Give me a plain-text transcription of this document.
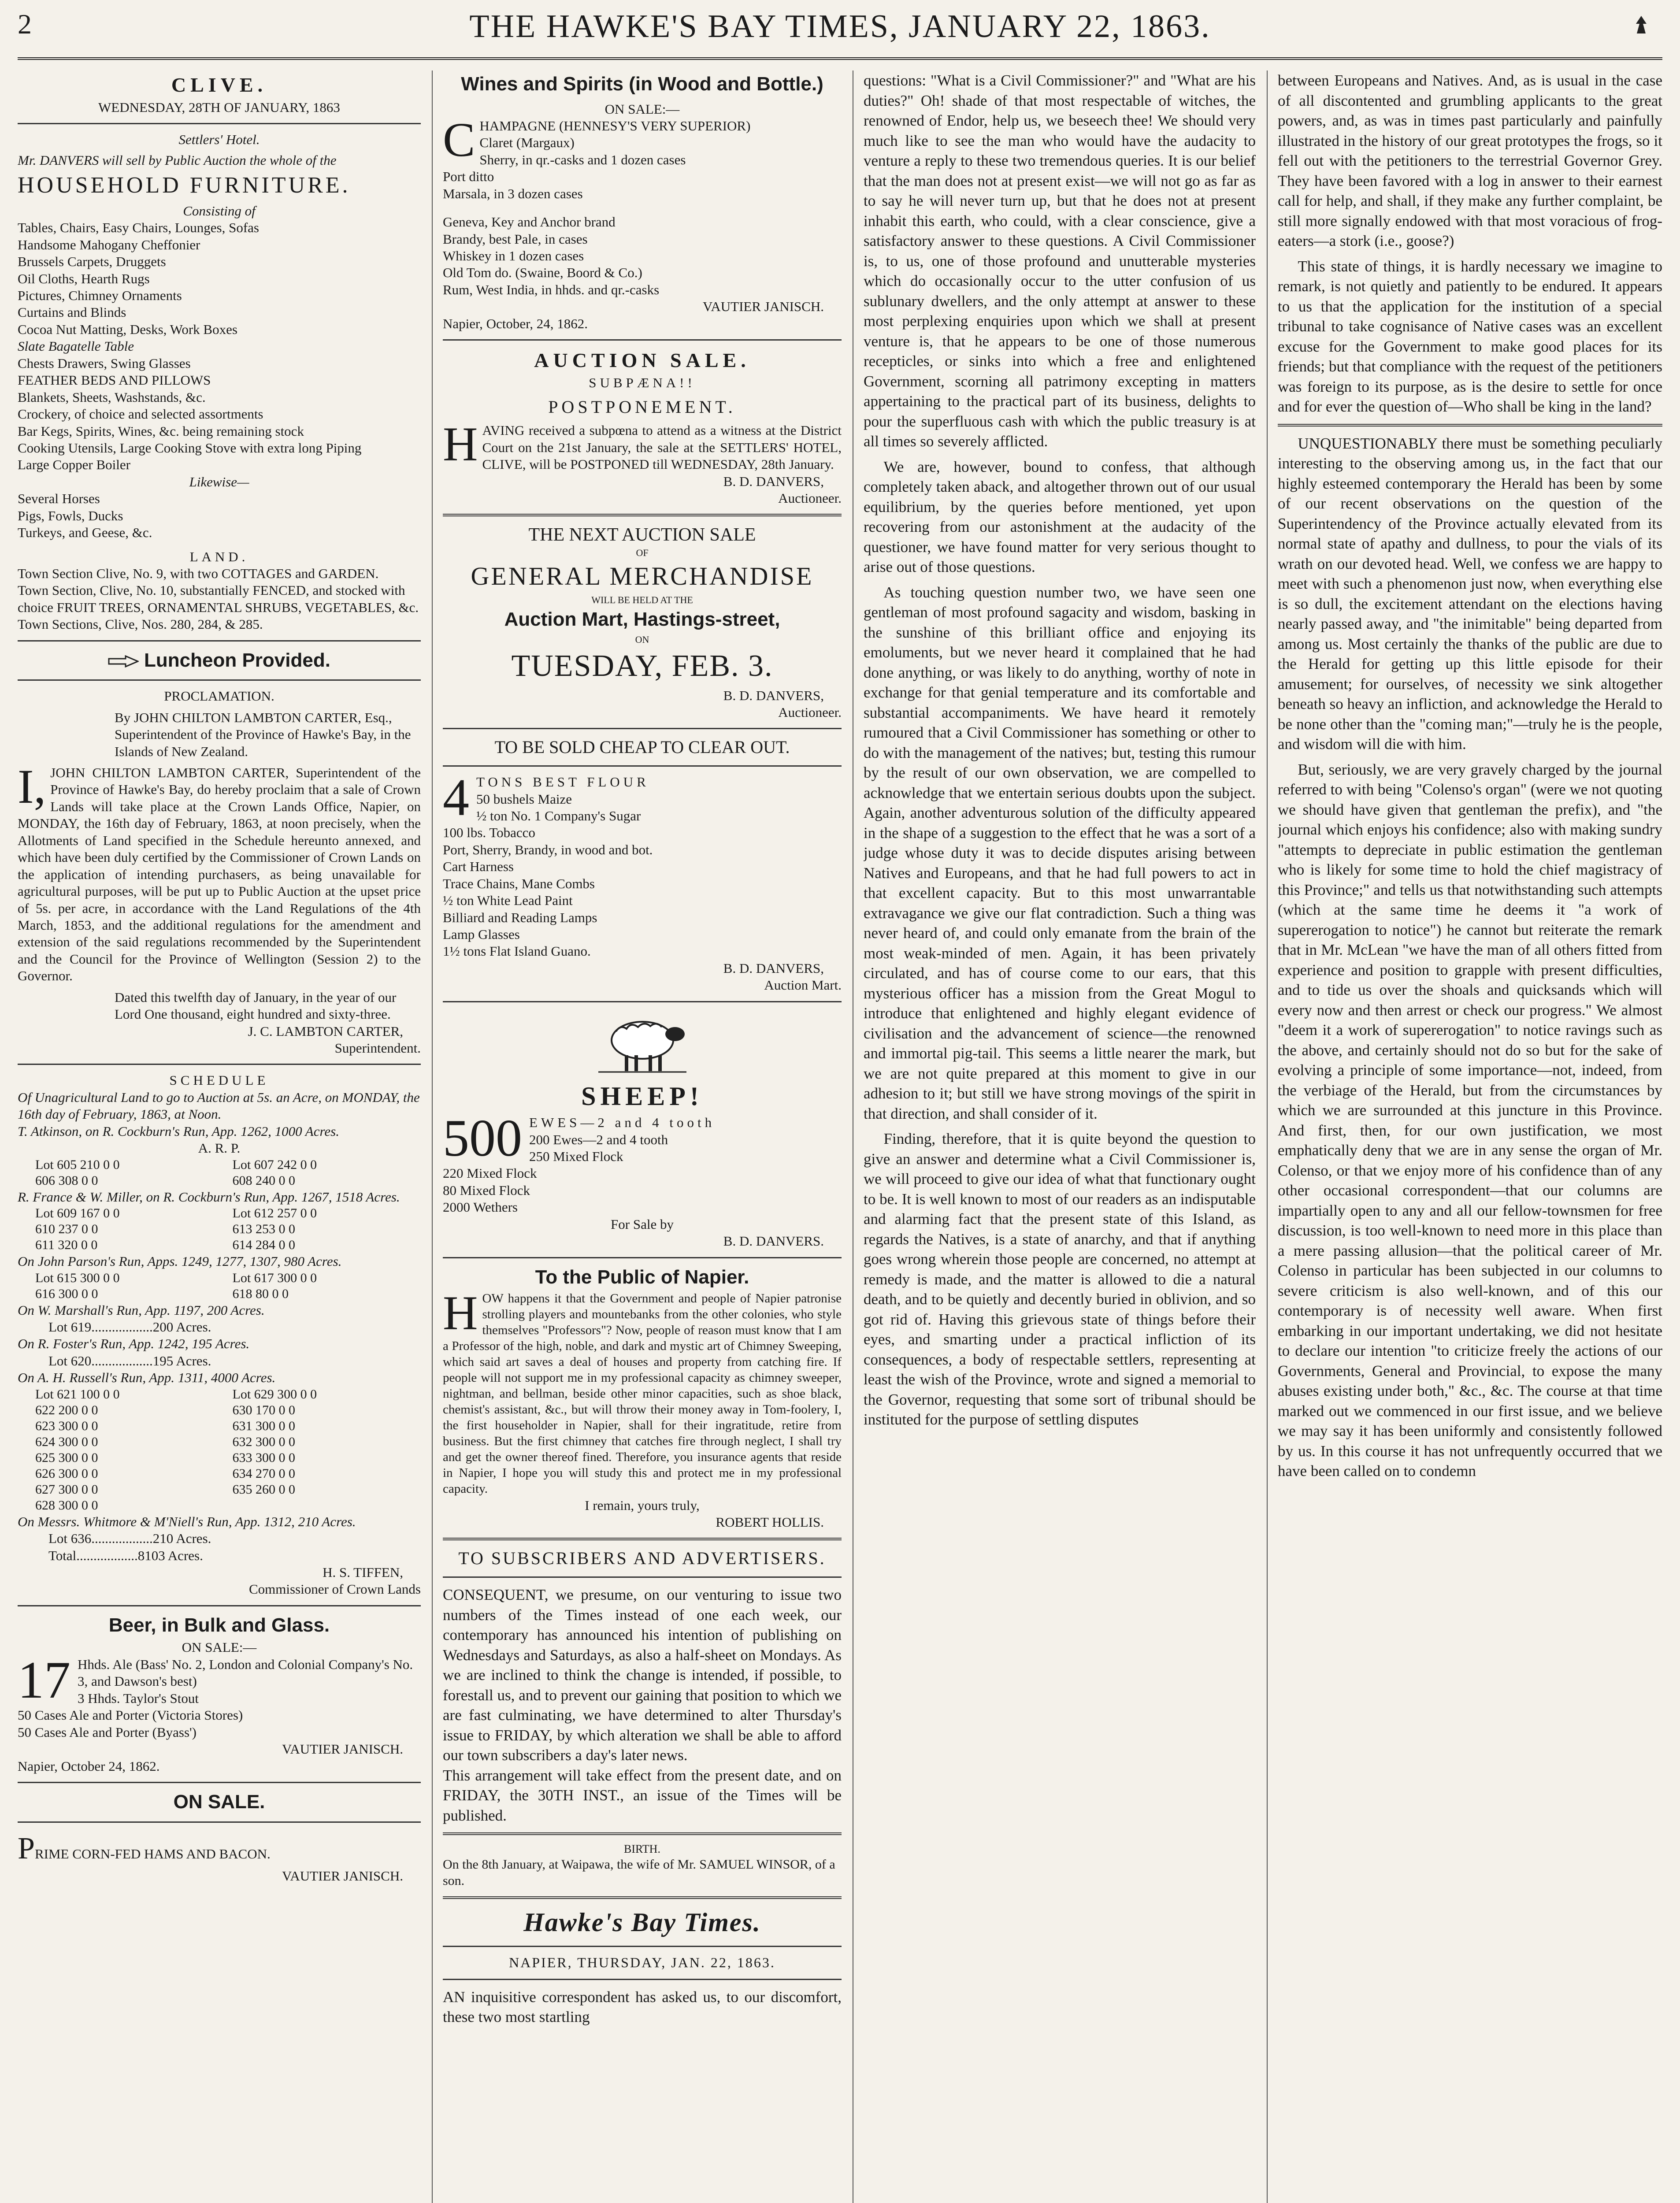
2	THE HAWKE'S BAY TIMES, JANUARY 22, 1863.
CLIVE.
WEDNESDAY, 28TH OF JANUARY, 1863
Settlers' Hotel.
Mr. DANVERS will sell by Public Auction the whole of the
HOUSEHOLD FURNITURE.
Consisting of
Tables, Chairs, Easy Chairs, Lounges, Sofas
Handsome Mahogany Cheffonier
Brussels Carpets, Druggets
Oil Cloths, Hearth Rugs
Pictures, Chimney Ornaments
Curtains and Blinds
Cocoa Nut Matting, Desks, Work Boxes
Slate Bagatelle Table
Chests Drawers, Swing Glasses
FEATHER BEDS AND PILLOWS
Blankets, Sheets, Washstands, &c.
Crockery, of choice and selected assortments
Bar Kegs, Spirits, Wines, &c. being remaining stock
Cooking Utensils, Large Cooking Stove with extra long Piping
Large Copper Boiler
Likewise—
Several Horses
Pigs, Fowls, Ducks
Turkeys, and Geese, &c.
LAND.
Town Section Clive, No. 9, with two COTTAGES and GARDEN.
Town Section, Clive, No. 10, substantially FENCED, and stocked with choice FRUIT TREES, ORNAMENTAL SHRUBS, VEGETABLES, &c.
Town Sections, Clive, Nos. 280, 284, & 285.
Luncheon Provided.
PROCLAMATION.
By JOHN CHILTON LAMBTON CARTER, Esq., Superintendent of the Province of Hawke's Bay, in the Islands of New Zealand.
I, JOHN CHILTON LAMBTON CARTER, Superintendent of the Province of Hawke's Bay, do hereby proclaim that a sale of Crown Lands will take place at the Crown Lands Office, Napier, on MONDAY, the 16th day of February, 1863, at noon precisely, when the Allotments of Land specified in the Schedule hereunto annexed, and which have been duly certified by the Commissioner of Crown Lands on the application of intending purchasers, as being unavailable for agricultural purposes, will be put up to Public Auction at the upset price of 5s. per acre, in accordance with the Land Regulations of the 4th March, 1853, and the additional regulations for the amendment and extension of the said regulations recommended by the Superintendent and the Council for the Province of Wellington (Session 2) to the Governor.
Dated this twelfth day of January, in the year of our Lord One thousand, eight hundred and sixty-three.
J. C. LAMBTON CARTER,
Superintendent.
SCHEDULE
Of Unagricultural Land to go to Auction at 5s. an Acre, on MONDAY, the 16th day of February, 1863, at Noon.
T. Atkinson, on R. Cockburn's Run, App. 1262, 1000 Acres.
A. R. P.
Lot 605 210 0 0	Lot 607 242 0 0
606 308 0 0	608 240 0 0
R. France & W. Miller, on R. Cockburn's Run, App. 1267, 1518 Acres.
Lot 609 167 0 0	Lot 612 257 0 0
610 237 0 0	613 253 0 0
611 320 0 0	614 284 0 0
On John Parson's Run, Apps. 1249, 1277, 1307, 980 Acres.
Lot 615 300 0 0	Lot 617 300 0 0
616 300 0 0	618 80 0 0
On W. Marshall's Run, App. 1197, 200 Acres.
Lot 619..................200 Acres.
On R. Foster's Run, App. 1242, 195 Acres.
Lot 620..................195 Acres.
On A. H. Russell's Run, App. 1311, 4000 Acres.
Lot 621 100 0 0	Lot 629 300 0 0
622 200 0 0	630 170 0 0
623 300 0 0	631 300 0 0
624 300 0 0	632 300 0 0
625 300 0 0	633 300 0 0
626 300 0 0	634 270 0 0
627 300 0 0	635 260 0 0
628 300 0 0
On Messrs. Whitmore & M'Niell's Run, App. 1312, 210 Acres.
Lot 636..................210 Acres.
Total..................8103 Acres.
H. S. TIFFEN,
Commissioner of Crown Lands
Beer, in Bulk and Glass.
ON SALE:—
17 Hhds. Ale (Bass' No. 2, London and Colonial Company's No. 3, and Dawson's best)
3 Hhds. Taylor's Stout
50 Cases Ale and Porter (Victoria Stores)
50 Cases Ale and Porter (Byass')
VAUTIER JANISCH.
Napier, October 24, 1862.
ON SALE.
PRIME CORN-FED HAMS AND BACON.
VAUTIER JANISCH.
Wines and Spirits (in Wood and Bottle.)
ON SALE:—
C HAMPAGNE (HENNESY'S VERY SUPERIOR)
Claret (Margaux)
Sherry, in qr.-casks and 1 dozen cases
Port ditto
Marsala, in 3 dozen cases
Geneva, Key and Anchor brand
Brandy, best Pale, in cases
Whiskey in 1 dozen cases
Old Tom do. (Swaine, Boord & Co.)
Rum, West India, in hhds. and qr.-casks
VAUTIER JANISCH.
Napier, October, 24, 1862.
AUCTION SALE.
SUBPÆNA!!
POSTPONEMENT.
HAVING received a subpœna to attend as a witness at the District Court on the 21st January, the sale at the SETTLERS' HOTEL, CLIVE, will be POSTPONED till WEDNESDAY, 28th January.
B. D. DANVERS,
Auctioneer.
THE NEXT AUCTION SALE
OF
GENERAL MERCHANDISE
WILL BE HELD AT THE
Auction Mart, Hastings-street,
ON
TUESDAY, FEB. 3.
B. D. DANVERS,
Auctioneer.
TO BE SOLD CHEAP TO CLEAR OUT.
4 TONS BEST FLOUR
50 bushels Maize
½ ton No. 1 Company's Sugar
100 lbs. Tobacco
Port, Sherry, Brandy, in wood and bot.
Cart Harness
Trace Chains, Mane Combs
½ ton White Lead Paint
Billiard and Reading Lamps
Lamp Glasses
1½ tons Flat Island Guano.
B. D. DANVERS,
Auction Mart.
SHEEP!
500 EWES—2 and 4 tooth
200 Ewes—2 and 4 tooth
250 Mixed Flock
220 Mixed Flock
80 Mixed Flock
2000 Wethers
For Sale by
B. D. DANVERS.
To the Public of Napier.
HOW happens it that the Government and people of Napier patronise strolling players and mountebanks from the other colonies, who style themselves "Professors"? Now, people of reason must know that I am a Professor of the high, noble, and dark and mystic art of Chimney Sweeping, which said art saves a deal of houses and property from catching fire. If people will not support me in my professional capacity as chimney sweeper, nightman, and bellman, beside other minor capacities, such as shoe black, chemist's assistant, &c., but will throw their money away in Tom-foolery, I, the first householder in Napier, shall for their ingratitude, retire from business. But the first chimney that catches fire through neglect, I shall try and get the owner thereof fined. Therefore, you insurance agents that reside in Napier, I hope you will study this and protect me in my professional capacity.
I remain, yours truly,
ROBERT HOLLIS.
TO SUBSCRIBERS AND ADVERTISERS.

CONSEQUENT, we presume, on our venturing to issue two numbers of the Times instead of one each week, our contemporary has announced his intention of publishing on Wednesdays and Saturdays, as also a half-sheet on Mondays. As we are inclined to think the change is intended, if possible, to forestall us, and to prevent our gaining that position to which we are fast culminating, we have determined to alter Thursday's issue to FRIDAY, by which alteration we shall be able to afford our town subscribers a day's later news.

This arrangement will take effect from the present date, and on FRIDAY, the 30TH INST., an issue of the Times will be published.

BIRTH.
On the 8th January, at Waipawa, the wife of Mr. SAMUEL WINSOR, of a son.
Hawke's Bay Times.
NAPIER, THURSDAY, JAN. 22, 1863.
AN inquisitive correspondent has asked us, to our discomfort, these two most startling

questions: "What is a Civil Commissioner?" and "What are his duties?" Oh! shade of that most respectable of witches, the renowned of Endor, help us, we beseech thee! We should very much like to see the man who would have the audacity to venture a reply to these two tremendous queries. It is our belief that the man does not at present exist—we will not go as far as to say he will never turn up, but that he does not at present inhabit this earth, who could, with a clear conscience, give a satisfactory answer to these questions. A Civil Commissioner is, to us, one of those profound and unutterable mysteries which do occasionally occur to the utter confusion of us sublunary dwellers, and the only attempt at answer to these most perplexing enquiries upon which we shall at present venture is, that he appears to be one of those numerous recepticles, or sinks into which a free and enlightened Government, scorning all patrimony excepting in matters appertaining to the practical part of its business, delights to pour the superfluous cash with which the public treasury is at all times so severely afflicted.

We are, however, bound to confess, that although completely taken aback, and altogether thrown out of our usual equilibrium, by the queries before mentioned, yet upon recovering from our astonishment at the audacity of the questioner, we have found matter for very serious thought to arise out of those questions.

As touching question number two, we have seen one gentleman of most profound sagacity and wisdom, basking in the sunshine of this brilliant office and enjoying its emoluments, but we never heard it complained that he had done anything, or was likely to do anything, worthy of note in exchange for that genial temperature and its comfortable and substantial accompaniments. We have heard it remotely rumoured that a Civil Commissioner has something or other to do with the management of the natives; but, testing this rumour by the result of our own observation, we are compelled to acknowledge that we entertain serious doubts upon the subject. Again, another adventurous solution of the difficulty appeared in the shape of a suggestion to the effect that he was a sort of a judge whose duty it was to decide disputes arising between Natives and Europeans, and that he had full powers to act in that excellent capacity. But to this most unwarrantable extravagance we give our flat contradiction. Such a thing was never heard of, and could only emanate from the brain of the most weak-minded of men. Again, it has been privately circulated, and has of course come to our ears, that this mysterious officer has a mission from the Great Mogul to introduce that enlightened and highly elegant evidence of civilisation and the advancement of science—the renowned and immortal pig-tail. This seems a little nearer the mark, but we are not quite prepared at this moment to give in our adhesion to it; but still we have strong movings of the spirit in that direction, and shall consider of it.

Finding, therefore, that it is quite beyond the question to give an answer and determine what a Civil Commissioner is, we will proceed to give our idea of what that functionary ought to be. It is well known to most of our readers as an indisputable and alarming fact that the present state of this Island, as regards the Natives, is a state of anarchy, and that if anything goes wrong wherein those people are concerned, no attempt at remedy is made, and the matter is allowed to die a natural death, and to be quietly and decently buried in oblivion, and so got rid of. Having this grievous state of things before their eyes, and smarting under a practical infliction of its consequences, a body of respectable settlers, representing at least the wish of the Province, wrote and signed a memorial to the Governor, requesting that some sort of tribunal should be instituted for the purpose of settling disputes

between Europeans and Natives. And, as is usual in the case of all discontented and grumbling applicants to the great powers, and, as was in times past particularly and painfully illustrated in the history of our great prototypes the frogs, so it fell out with the petitioners to the terrestrial Governor Grey. They have been favored with a log in answer to their earnest call for help, and shall, if they make any further complaint, be still more signally endowed with that most voracious of frog-eaters—a stork (i.e., goose?)

This state of things, it is hardly necessary we imagine to remark, is not quietly and patiently to be endured. It appears to us that the application for the institution of a special tribunal to take cognisance of Native cases was an excellent excuse for the Government to make good places for its friends; but that compliance with the request of the petitioners was foreign to its purpose, as is the desire to settle for once and for ever the question of—Who shall be king in the land?

UNQUESTIONABLY there must be something peculiarly interesting to the observing among us, in the fact that our highly esteemed contemporary the Herald has been by some of our recent observations on the question of the Superintendency of the Province actually elevated from its normal state of apathy and dullness, to pour the vials of its wrath on our devoted head. Well, we confess we are happy to meet with such a phenomenon just now, when everything else is so dull, the excitement attendant on the elections having nearly passed away, and "the inimitable" being departed from among us. Most certainly the thanks of the public are due to the Herald for getting up this little episode for their amusement; for ourselves, of necessity we sink altogether beneath so heavy an infliction, and acknowledge the Herald to be none other than the "coming man;"—truly he is the people, and wisdom will die with him.

But, seriously, we are very gravely charged by the journal referred to with being "Colenso's organ" (were we not quoting we should have given that gentleman the prefix), and "the journal which enjoys his confidence; also with making sundry "attempts to depreciate in public estimation the gentleman who is likely for some time to hold the chief magistracy of this Province;" and tells us that notwithstanding such attempts (which at the same time he deems it "a work of supererogation to notice") he cannot but reiterate the remark that in Mr. McLean "we have the man of all others fitted from experience and position to grapple with present difficulties, and to tide us over the shoals and quicksands which will every now and then arrest or check our progress." We almost "deem it a work of supererogation" to notice ravings such as the above, and certainly should not do so but for the sake of evolving a principle of some importance—not, indeed, from the verbiage of the Herald, but from the circumstances by which we are surrounded at this juncture in this Province. And first, then, for our own justification, we most emphatically deny that we are in any sense the organ of Mr. Colenso, or that we enjoy more of his confidence than of any other occasional correspondent—that our columns are impartially open to any and all our fellow-townsmen for free discussion, is too well-known to need more in this place than a mere passing allusion—that the political career of Mr. Colenso in particular has been subjected in our columns to severe criticism is also well-known, and of this our contemporary is of necessity well aware. When first embarking in our important undertaking, we did not hesitate to declare our intention "to criticize freely the actions of our Governments, General and Provincial, to expose the many abuses existing under both," &c., &c. The course at that time marked out we commenced in our first issue, and we believe we may say it has been uniformly and consistently followed by us. In this course it has not unfrequently occurred that we have been called on to condemn
